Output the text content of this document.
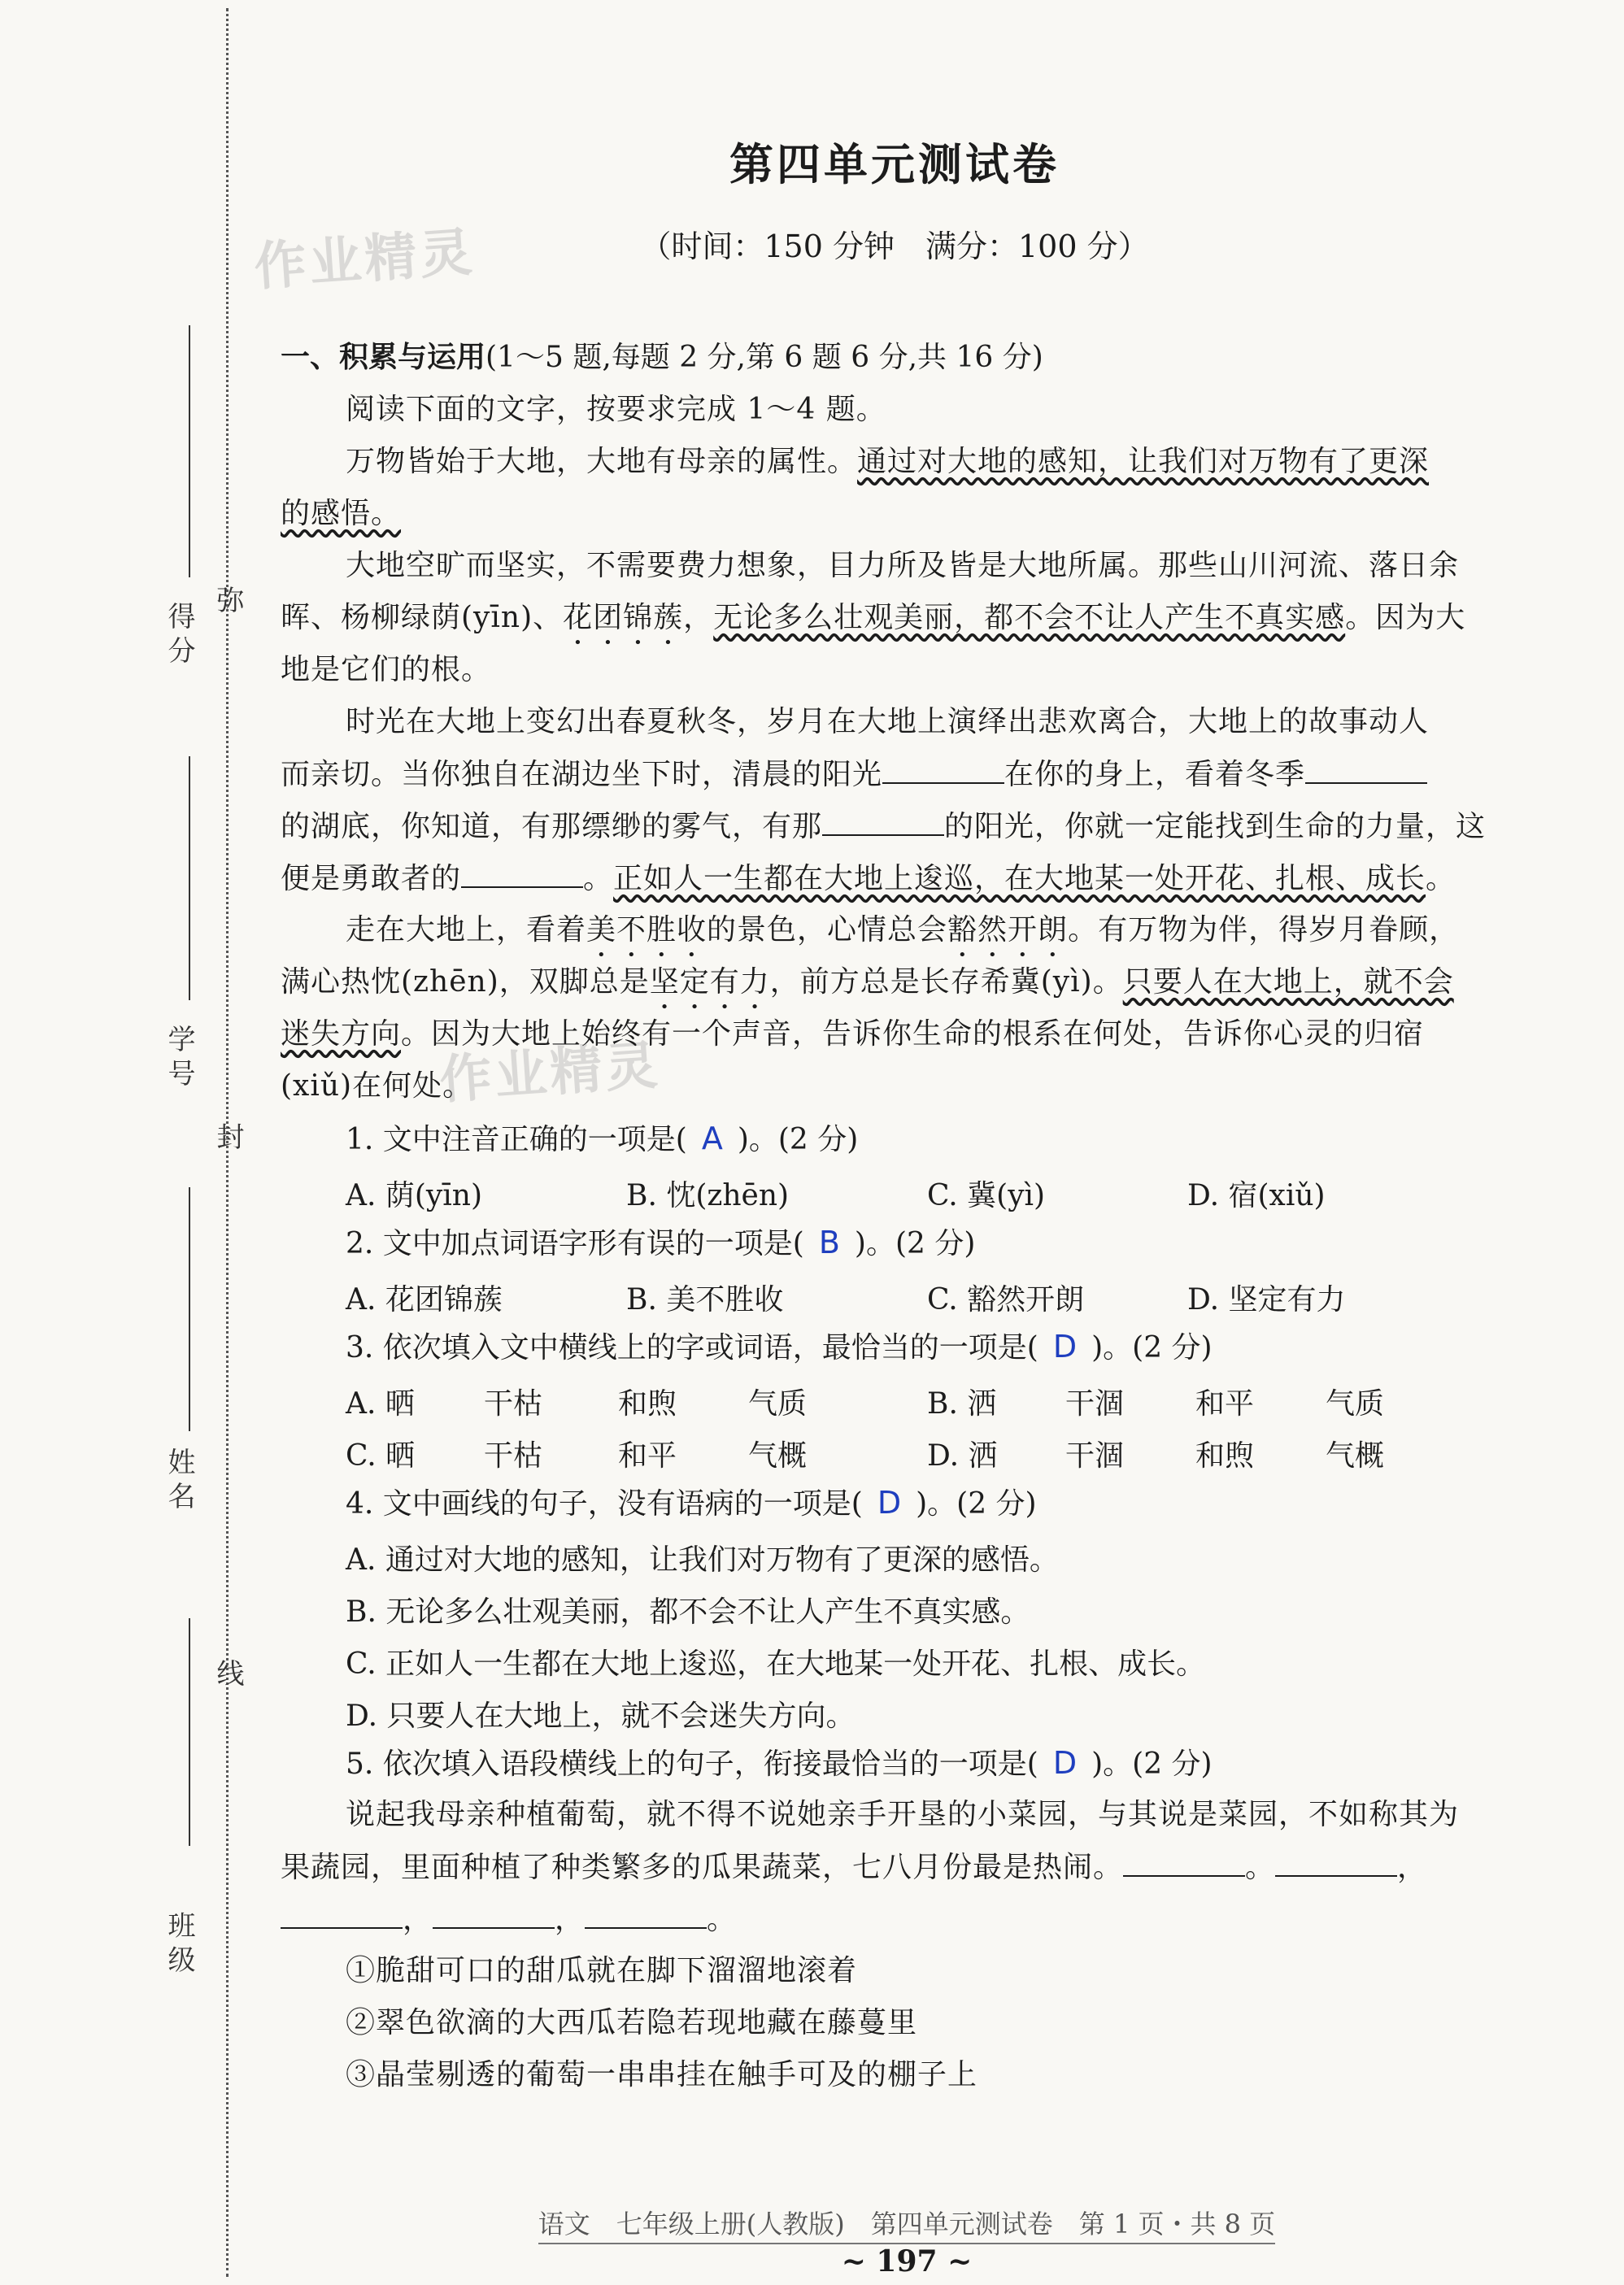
得分 弥
学号
封
姓名
线
班级
作业精灵
作业精灵
第四单元测试卷
（时间：150 分钟　满分：100 分）
一、积累与运用(1～5 题,每题 2 分,第 6 题 6 分,共 16 分)
阅读下面的文字，按要求完成 1～4 题。
万物皆始于大地，大地有母亲的属性。通过对大地的感知，让我们对万物有了更深
的感悟。
大地空旷而坚实，不需要费力想象，目力所及皆是大地所属。那些山川河流、落日余
晖、杨柳绿荫(yīn)、花团锦蔟，无论多么壮观美丽，都不会不让人产生不真实感。因为大
地是它们的根。
时光在大地上变幻出春夏秋冬，岁月在大地上演绎出悲欢离合，大地上的故事动人
而亲切。当你独自在湖边坐下时，清晨的阳光	在你的身上，看着冬季
的湖底，你知道，有那缥缈的雾气，有那	的阳光，你就一定能找到生命的力量，这
便是勇敢者的	。正如人一生都在大地上逡巡，在大地某一处开花、扎根、成长。
走在大地上，看着美不胜收的景色，心情总会豁然开朗。有万物为伴，得岁月眷顾，
满心热忱(zhēn)，双脚总是坚定有力，前方总是长存希冀(yì)。只要人在大地上，就不会
迷失方向。因为大地上始终有一个声音，告诉你生命的根系在何处，告诉你心灵的归宿
(xiǔ)在何处。
1. 文中注音正确的一项是( A )。(2 分)
A. 荫(yīn)	B. 忱(zhēn)	C. 冀(yì)	D. 宿(xiǔ)
2. 文中加点词语字形有误的一项是( B )。(2 分)
A. 花团锦蔟	B. 美不胜收	C. 豁然开朗	D. 坚定有力
3. 依次填入文中横线上的字或词语，最恰当的一项是( D )。(2 分)
A. 晒 干枯	和煦 气质	B. 洒 干涸 和平 气质
C. 晒 干枯	和平 气概	D. 洒 干涸 和煦 气概
4. 文中画线的句子，没有语病的一项是( D )。(2 分)
A. 通过对大地的感知，让我们对万物有了更深的感悟。
B. 无论多么壮观美丽，都不会不让人产生不真实感。
C. 正如人一生都在大地上逡巡，在大地某一处开花、扎根、成长。
D. 只要人在大地上，就不会迷失方向。
5. 依次填入语段横线上的句子，衔接最恰当的一项是( D )。(2 分)
说起我母亲种植葡萄，就不得不说她亲手开垦的小菜园，与其说是菜园，不如称其为
果蔬园，里面种植了种类繁多的瓜果蔬菜，七八月份最是热闹。	。	，
，	，	。
①脆甜可口的甜瓜就在脚下溜溜地滚着
②翠色欲滴的大西瓜若隐若现地藏在藤蔓里
③晶莹剔透的葡萄一串串挂在触手可及的棚子上
语文　七年级上册(人教版)　第四单元测试卷　第 1 页・共 8 页
~ 197 ~
